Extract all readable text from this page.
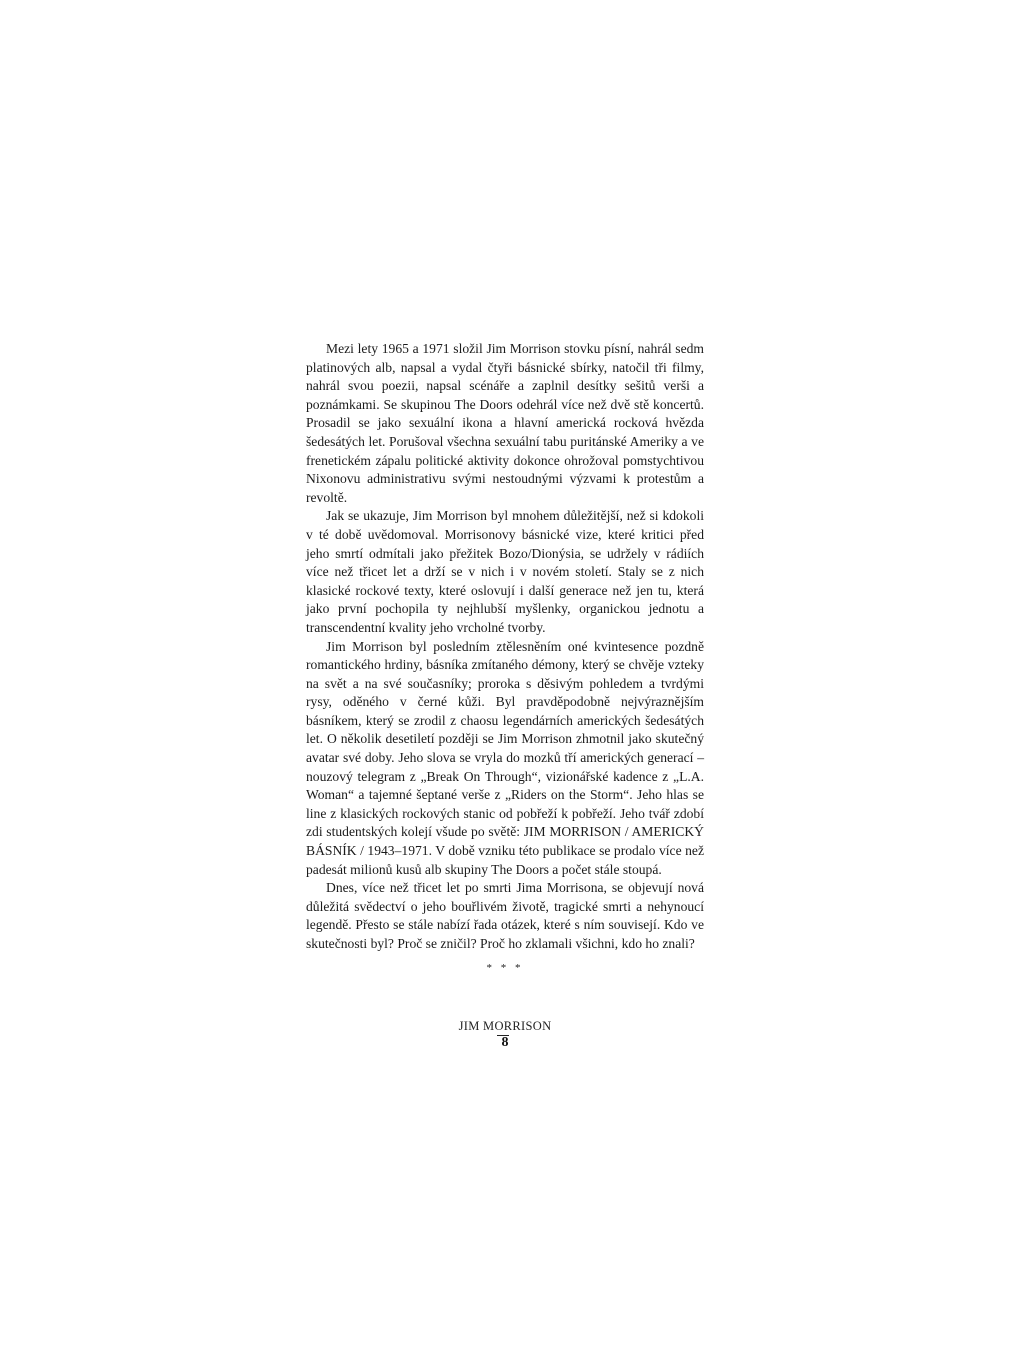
Mezi lety 1965 a 1971 složil Jim Morrison stovku písní, nahrál sedm platinových alb, napsal a vydal čtyři básnické sbírky, natočil tři filmy, nahrál svou poezii, napsal scénáře a zaplnil desítky sešitů verši a poznámkami. Se skupinou The Doors odehrál více než dvě stě koncertů. Prosadil se jako sexuální ikona a hlavní americká rocková hvězda šedesátých let. Porušoval všechna sexuální tabu puritánské Ameriky a ve frenetickém zápalu politické aktivity dokonce ohrožoval pomstychtivou Nixonovu administrativu svými nestoudnými výzvami k protestům a revoltě.

Jak se ukazuje, Jim Morrison byl mnohem důležitější, než si kdokoli v té době uvědomoval. Morrisonovy básnické vize, které kritici před jeho smrtí odmítali jako přežitek Bozo/Dionýsia, se udržely v rádiích více než třicet let a drží se v nich i v novém století. Staly se z nich klasické rockové texty, které oslovují i další generace než jen tu, která jako první pochopila ty nejhlubší myšlenky, organickou jednotu a transcendentní kvality jeho vrcholné tvorby.

Jim Morrison byl posledním ztělesněním oné kvintesence pozdně romantického hrdiny, básníka zmítaného démony, který se chvěje vzteky na svět a na své současníky; proroka s děsivým pohledem a tvrdými rysy, oděného v černé kůži. Byl pravděpodobně nejvýraznějším básníkem, který se zrodil z chaosu legendárních amerických šedesátých let. O několik desetiletí později se Jim Morrison zhmotnil jako skutečný avatar své doby. Jeho slova se vryla do mozků tří amerických generací – nouzový telegram z „Break On Through“, vizionářské kadence z „L.A. Woman“ a tajemné šeptané verše z „Riders on the Storm“. Jeho hlas se line z klasických rockových stanic od pobřeží k pobřeží. Jeho tvář zdobí zdi studentských kolejí všude po světě: JIM MORRISON / AMERICKÝ BÁSNÍK / 1943–1971. V době vzniku této publikace se prodalo více než padesát milionů kusů alb skupiny The Doors a počet stále stoupá.

Dnes, více než třicet let po smrti Jima Morrisona, se objevují nová důležitá svědectví o jeho bouřlivém životě, tragické smrti a nehynoucí legendě. Přesto se stále nabízí řada otázek, které s ním souvisejí. Kdo ve skutečnosti byl? Proč se zničil? Proč ho zklamali všichni, kdo ho znali?

* * *
JIM MORRISON
8
